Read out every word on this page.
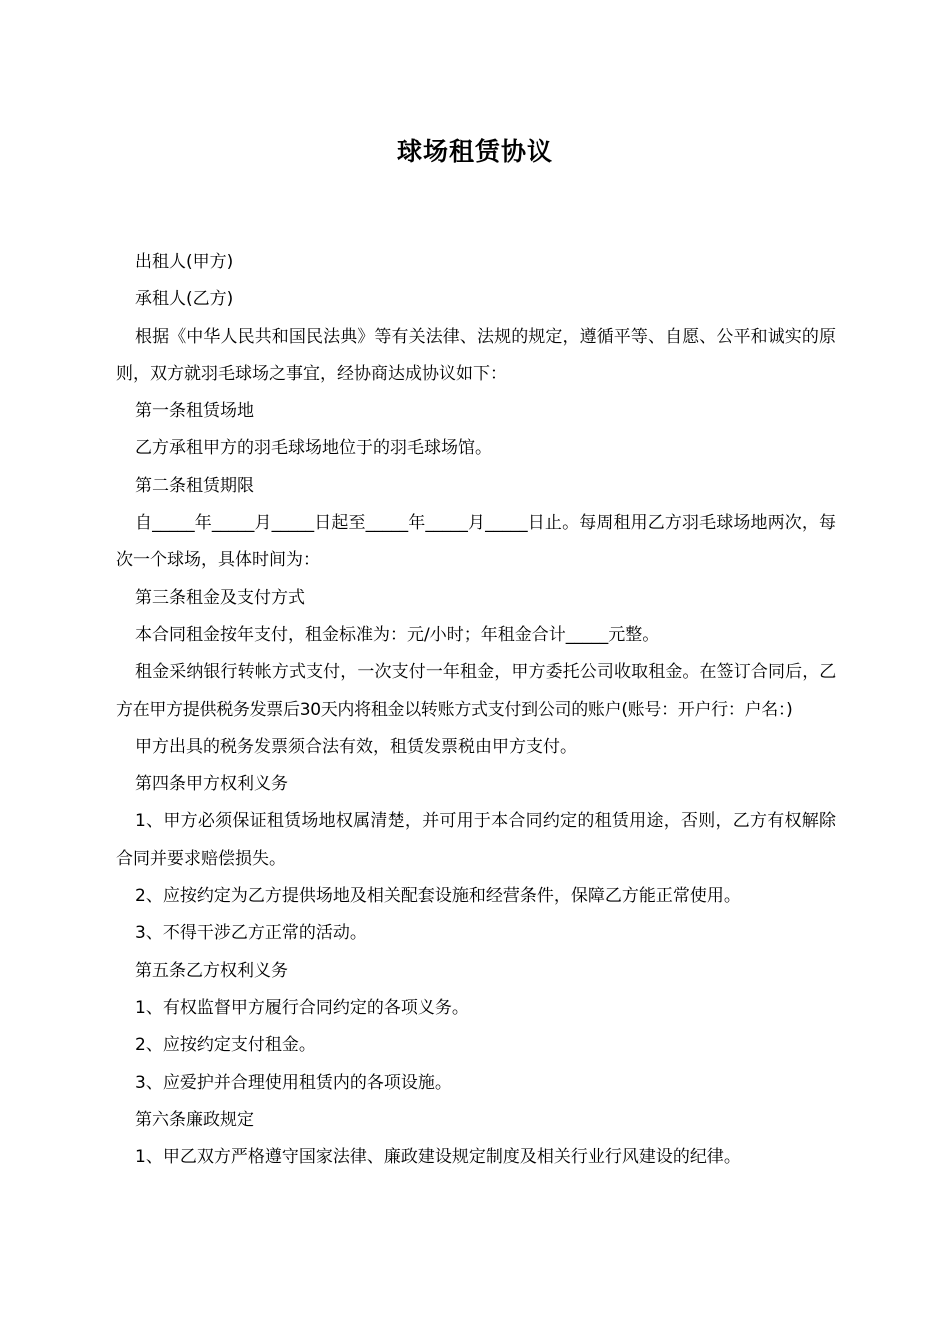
球场租赁协议

出租人(甲方)

承租人(乙方)

根据《中华人民共和国民法典》等有关法律、法规的规定，遵循平等、自愿、公平和诚实的原则，双方就羽毛球场之事宜，经协商达成协议如下：

第一条租赁场地

乙方承租甲方的羽毛球场地位于的羽毛球场馆。

第二条租赁期限

自_____年_____月_____日起至_____年_____月_____日止。每周租用乙方羽毛球场地两次，每次一个球场，具体时间为：

第三条租金及支付方式

本合同租金按年支付，租金标准为：元/小时；年租金合计_____元整。

租金采纳银行转帐方式支付，一次支付一年租金，甲方委托公司收取租金。在签订合同后，乙方在甲方提供税务发票后30天内将租金以转账方式支付到公司的账户(账号：开户行：户名：)

甲方出具的税务发票须合法有效，租赁发票税由甲方支付。

第四条甲方权利义务

1、甲方必须保证租赁场地权属清楚，并可用于本合同约定的租赁用途，否则，乙方有权解除合同并要求赔偿损失。

2、应按约定为乙方提供场地及相关配套设施和经营条件，保障乙方能正常使用。

3、不得干涉乙方正常的活动。

第五条乙方权利义务

1、有权监督甲方履行合同约定的各项义务。

2、应按约定支付租金。

3、应爱护并合理使用租赁内的各项设施。

第六条廉政规定

1、甲乙双方严格遵守国家法律、廉政建设规定制度及相关行业行风建设的纪律。
